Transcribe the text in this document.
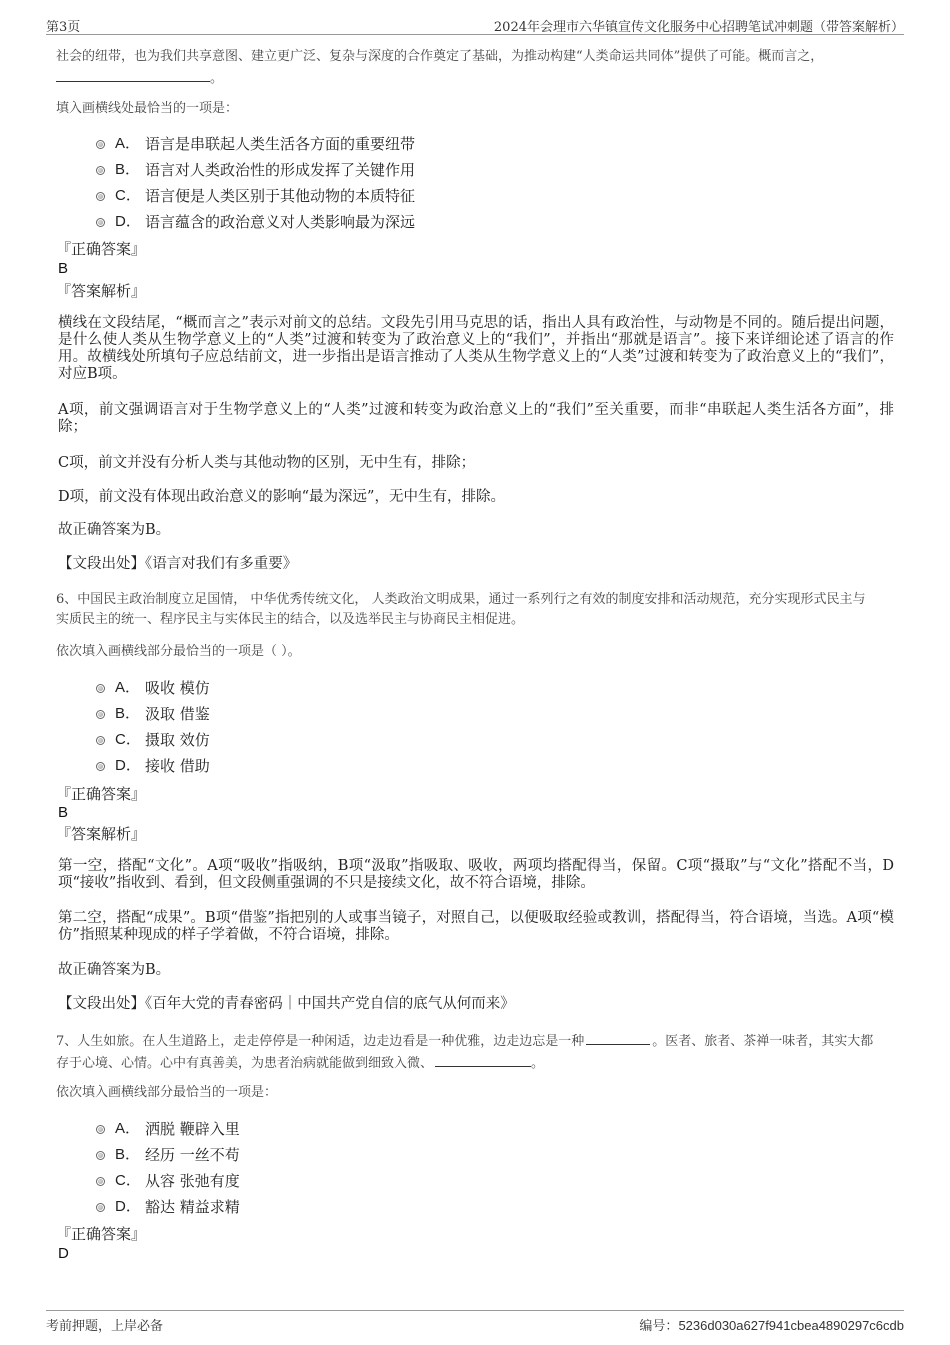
第3页	2024年会理市六华镇宣传文化服务中心招聘笔试冲刺题（带答案解析）
社会的纽带，也为我们共享意图、建立更广泛、复杂与深度的合作奠定了基础，为推动构建“人类命运共同体”提供了可能。概而言之，
。
填入画横线处最恰当的一项是：
A． 语言是串联起人类生活各方面的重要纽带
B． 语言对人类政治性的形成发挥了关键作用
C． 语言便是人类区别于其他动物的本质特征
D． 语言蕴含的政治意义对人类影响最为深远
『正确答案』
B
『答案解析』
横线在文段结尾，“概而言之”表示对前文的总结。文段先引用马克思的话，指出人具有政治性，与动物是不同的。随后提出问题，是什么使人类从生物学意义上的“人类”过渡和转变为了政治意义上的“我们”，并指出“那就是语言”。接下来详细论述了语言的作用。故横线处所填句子应总结前文，进一步指出是语言推动了人类从生物学意义上的“人类”过渡和转变为了政治意义上的“我们”，对应B项。
A项，前文强调语言对于生物学意义上的“人类”过渡和转变为政治意义上的“我们”至关重要，而非“串联起人类生活各方面”，排除；
C项，前文并没有分析人类与其他动物的区别，无中生有，排除；
D项，前文没有体现出政治意义的影响“最为深远”，无中生有，排除。
故正确答案为B。
【文段出处】《语言对我们有多重要》
6、中国民主政治制度立足国情， 中华优秀传统文化， 人类政治文明成果，通过一系列行之有效的制度安排和活动规范，充分实现形式民主与
实质民主的统一、程序民主与实体民主的结合，以及选举民主与协商民主相促进。
依次填入画横线部分最恰当的一项是（ ）。
A． 吸收 模仿
B． 汲取 借鉴
C． 摄取 效仿
D． 接收 借助
『正确答案』
B
『答案解析』
第一空，搭配“文化”。A项“吸收”指吸纳，B项“汲取”指吸取、吸收，两项均搭配得当，保留。C项“摄取”与“文化”搭配不当，D项“接收”指收到、看到，但文段侧重强调的不只是接续文化，故不符合语境，排除。
第二空，搭配“成果”。B项“借鉴”指把别的人或事当镜子，对照自己，以便吸取经验或教训，搭配得当，符合语境，当选。A项“模仿”指照某种现成的样子学着做，不符合语境，排除。
故正确答案为B。
【文段出处】《百年大党的青春密码｜中国共产党自信的底气从何而来》
7、人生如旅。在人生道路上，走走停停是一种闲适，边走边看是一种优雅，边走边忘是一种	。医者、旅者、茶禅一味者，其实大都
存于心境、心情。心中有真善美，为患者治病就能做到细致入微、	。
依次填入画横线部分最恰当的一项是：
A． 洒脱 鞭辟入里
B． 经历 一丝不苟
C． 从容 张弛有度
D． 豁达 精益求精
『正确答案』
D
考前押题，上岸必备	编号：5236d030a627f941cbea4890297c6cdb
